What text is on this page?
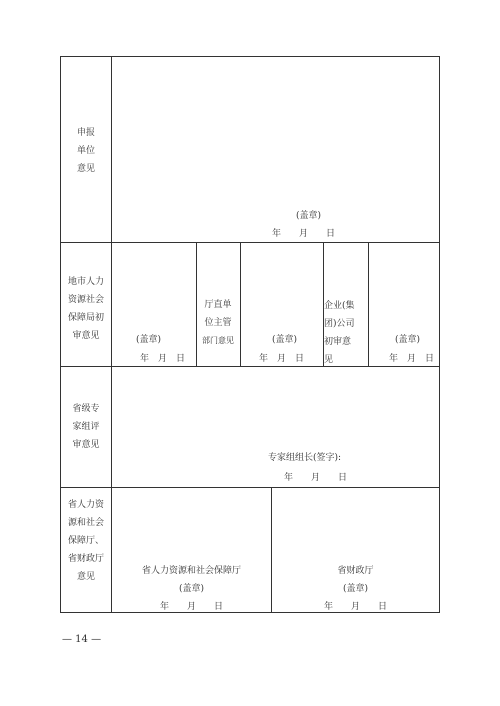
申报
单位
意见
(盖章)
年　　月　　日
地市人力
资源社会
保障局初
审意见	(盖章)
年　月　日
厅直单
位主管
部门意见	(盖章)
年　月　日
企业(集
团)公司
初审意
见
(盖章)
年　月　日
省级专
家组评
审意见
专家组组长(签字):
年　　月　　日
省人力资
源和社会
保障厅、
省财政厅
意见
省人力资源和社会保障厅
(盖章)
年　　月　　日
省财政厅
(盖章)
年　　月　　日
— 14 —
